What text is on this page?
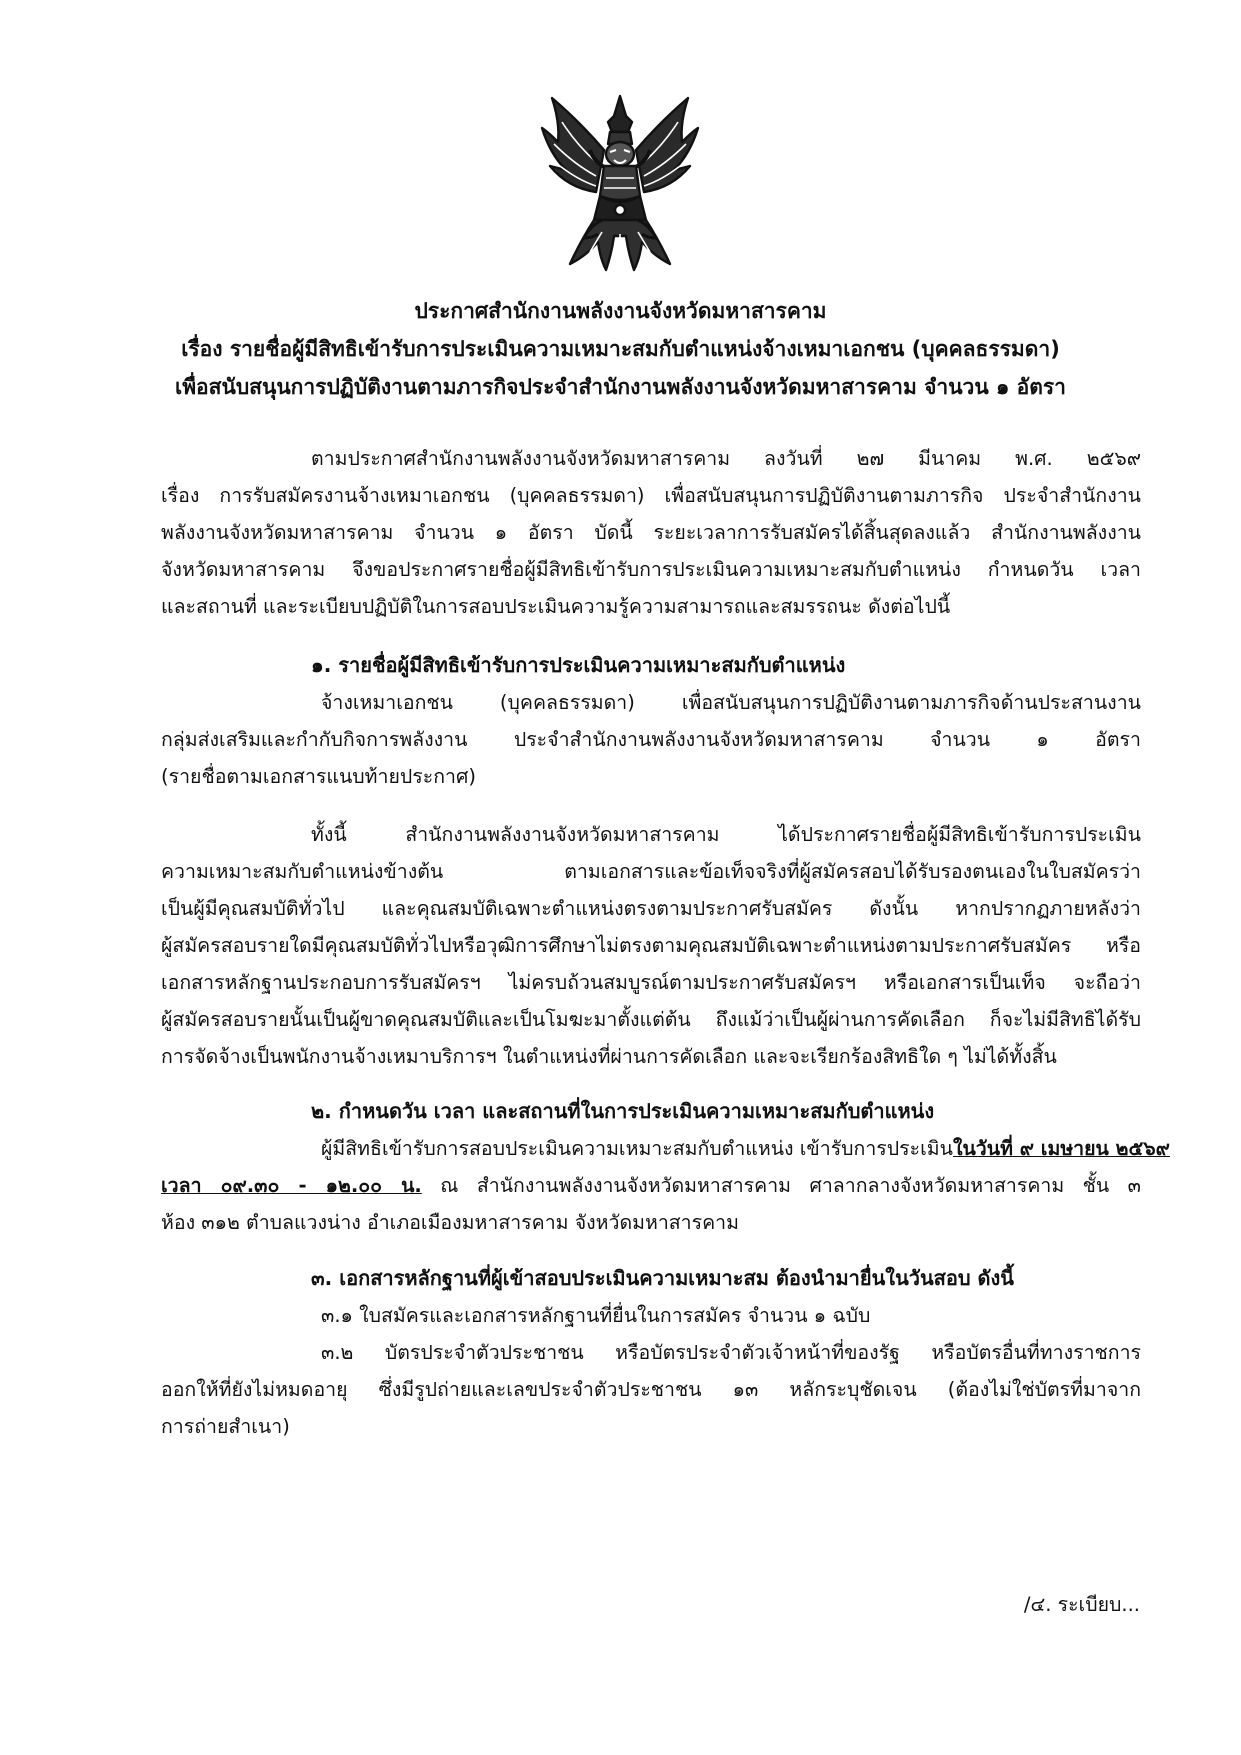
ประกาศสำนักงานพลังงานจังหวัดมหาสารคาม
เรื่อง รายชื่อผู้มีสิทธิเข้ารับการประเมินความเหมาะสมกับตำแหน่งจ้างเหมาเอกชน (บุคคลธรรมดา)
เพื่อสนับสนุนการปฏิบัติงานตามภารกิจประจำสำนักงานพลังงานจังหวัดมหาสารคาม จำนวน ๑ อัตรา
ตามประกาศสำนักงานพลังงานจังหวัดมหาสารคาม ลงวันที่ ๒๗ มีนาคม พ.ศ. ๒๕๖๙
เรื่อง การรับสมัครงานจ้างเหมาเอกชน (บุคคลธรรมดา) เพื่อสนับสนุนการปฏิบัติงานตามภารกิจ ประจำสำนักงาน
พลังงานจังหวัดมหาสารคาม จำนวน ๑ อัตรา บัดนี้ ระยะเวลาการรับสมัครได้สิ้นสุดลงแล้ว สำนักงานพลังงาน
จังหวัดมหาสารคาม จึงขอประกาศรายชื่อผู้มีสิทธิเข้ารับการประเมินความเหมาะสมกับตำแหน่ง กำหนดวัน เวลา
และสถานที่ และระเบียบปฏิบัติในการสอบประเมินความรู้ความสามารถและสมรรถนะ ดังต่อไปนี้
๑. รายชื่อผู้มีสิทธิเข้ารับการประเมินความเหมาะสมกับตำแหน่ง
จ้างเหมาเอกชน (บุคคลธรรมดา) เพื่อสนับสนุนการปฏิบัติงานตามภารกิจด้านประสานงาน
กลุ่มส่งเสริมและกำกับกิจการพลังงาน ประจำสำนักงานพลังงานจังหวัดมหาสารคาม จำนวน ๑ อัตรา
(รายชื่อตามเอกสารแนบท้ายประกาศ)
ทั้งนี้ สำนักงานพลังงานจังหวัดมหาสารคาม ได้ประกาศรายชื่อผู้มีสิทธิเข้ารับการประเมิน
ความเหมาะสมกับตำแหน่งข้างต้น ตามเอกสารและข้อเท็จจริงที่ผู้สมัครสอบได้รับรองตนเองในใบสมัครว่า
เป็นผู้มีคุณสมบัติทั่วไป และคุณสมบัติเฉพาะตำแหน่งตรงตามประกาศรับสมัคร ดังนั้น หากปรากฏภายหลังว่า
ผู้สมัครสอบรายใดมีคุณสมบัติทั่วไปหรือวุฒิการศึกษาไม่ตรงตามคุณสมบัติเฉพาะตำแหน่งตามประกาศรับสมัคร หรือ
เอกสารหลักฐานประกอบการรับสมัครฯ ไม่ครบถ้วนสมบูรณ์ตามประกาศรับสมัครฯ หรือเอกสารเป็นเท็จ จะถือว่า
ผู้สมัครสอบรายนั้นเป็นผู้ขาดคุณสมบัติและเป็นโมฆะมาตั้งแต่ต้น ถึงแม้ว่าเป็นผู้ผ่านการคัดเลือก ก็จะไม่มีสิทธิได้รับ
การจัดจ้างเป็นพนักงานจ้างเหมาบริการฯ ในตำแหน่งที่ผ่านการคัดเลือก และจะเรียกร้องสิทธิใด ๆ ไม่ได้ทั้งสิ้น
๒. กำหนดวัน เวลา และสถานที่ในการประเมินความเหมาะสมกับตำแหน่ง
ผู้มีสิทธิเข้ารับการสอบประเมินความเหมาะสมกับตำแหน่ง เข้ารับการประเมินในวันที่ ๙ เมษายน ๒๕๖๙
เวลา ๐๙.๓๐ - ๑๒.๐๐ น. ณ สำนักงานพลังงานจังหวัดมหาสารคาม ศาลากลางจังหวัดมหาสารคาม ชั้น ๓
ห้อง ๓๑๒ ตำบลแวงน่าง อำเภอเมืองมหาสารคาม จังหวัดมหาสารคาม
๓. เอกสารหลักฐานที่ผู้เข้าสอบประเมินความเหมาะสม ต้องนำมายื่นในวันสอบ ดังนี้
๓.๑ ใบสมัครและเอกสารหลักฐานที่ยื่นในการสมัคร จำนวน ๑ ฉบับ
๓.๒ บัตรประจำตัวประชาชน หรือบัตรประจำตัวเจ้าหน้าที่ของรัฐ หรือบัตรอื่นที่ทางราชการ
ออกให้ที่ยังไม่หมดอายุ ซึ่งมีรูปถ่ายและเลขประจำตัวประชาชน ๑๓ หลักระบุชัดเจน (ต้องไม่ใช่บัตรที่มาจาก
การถ่ายสำเนา)
/๔. ระเบียบ...
